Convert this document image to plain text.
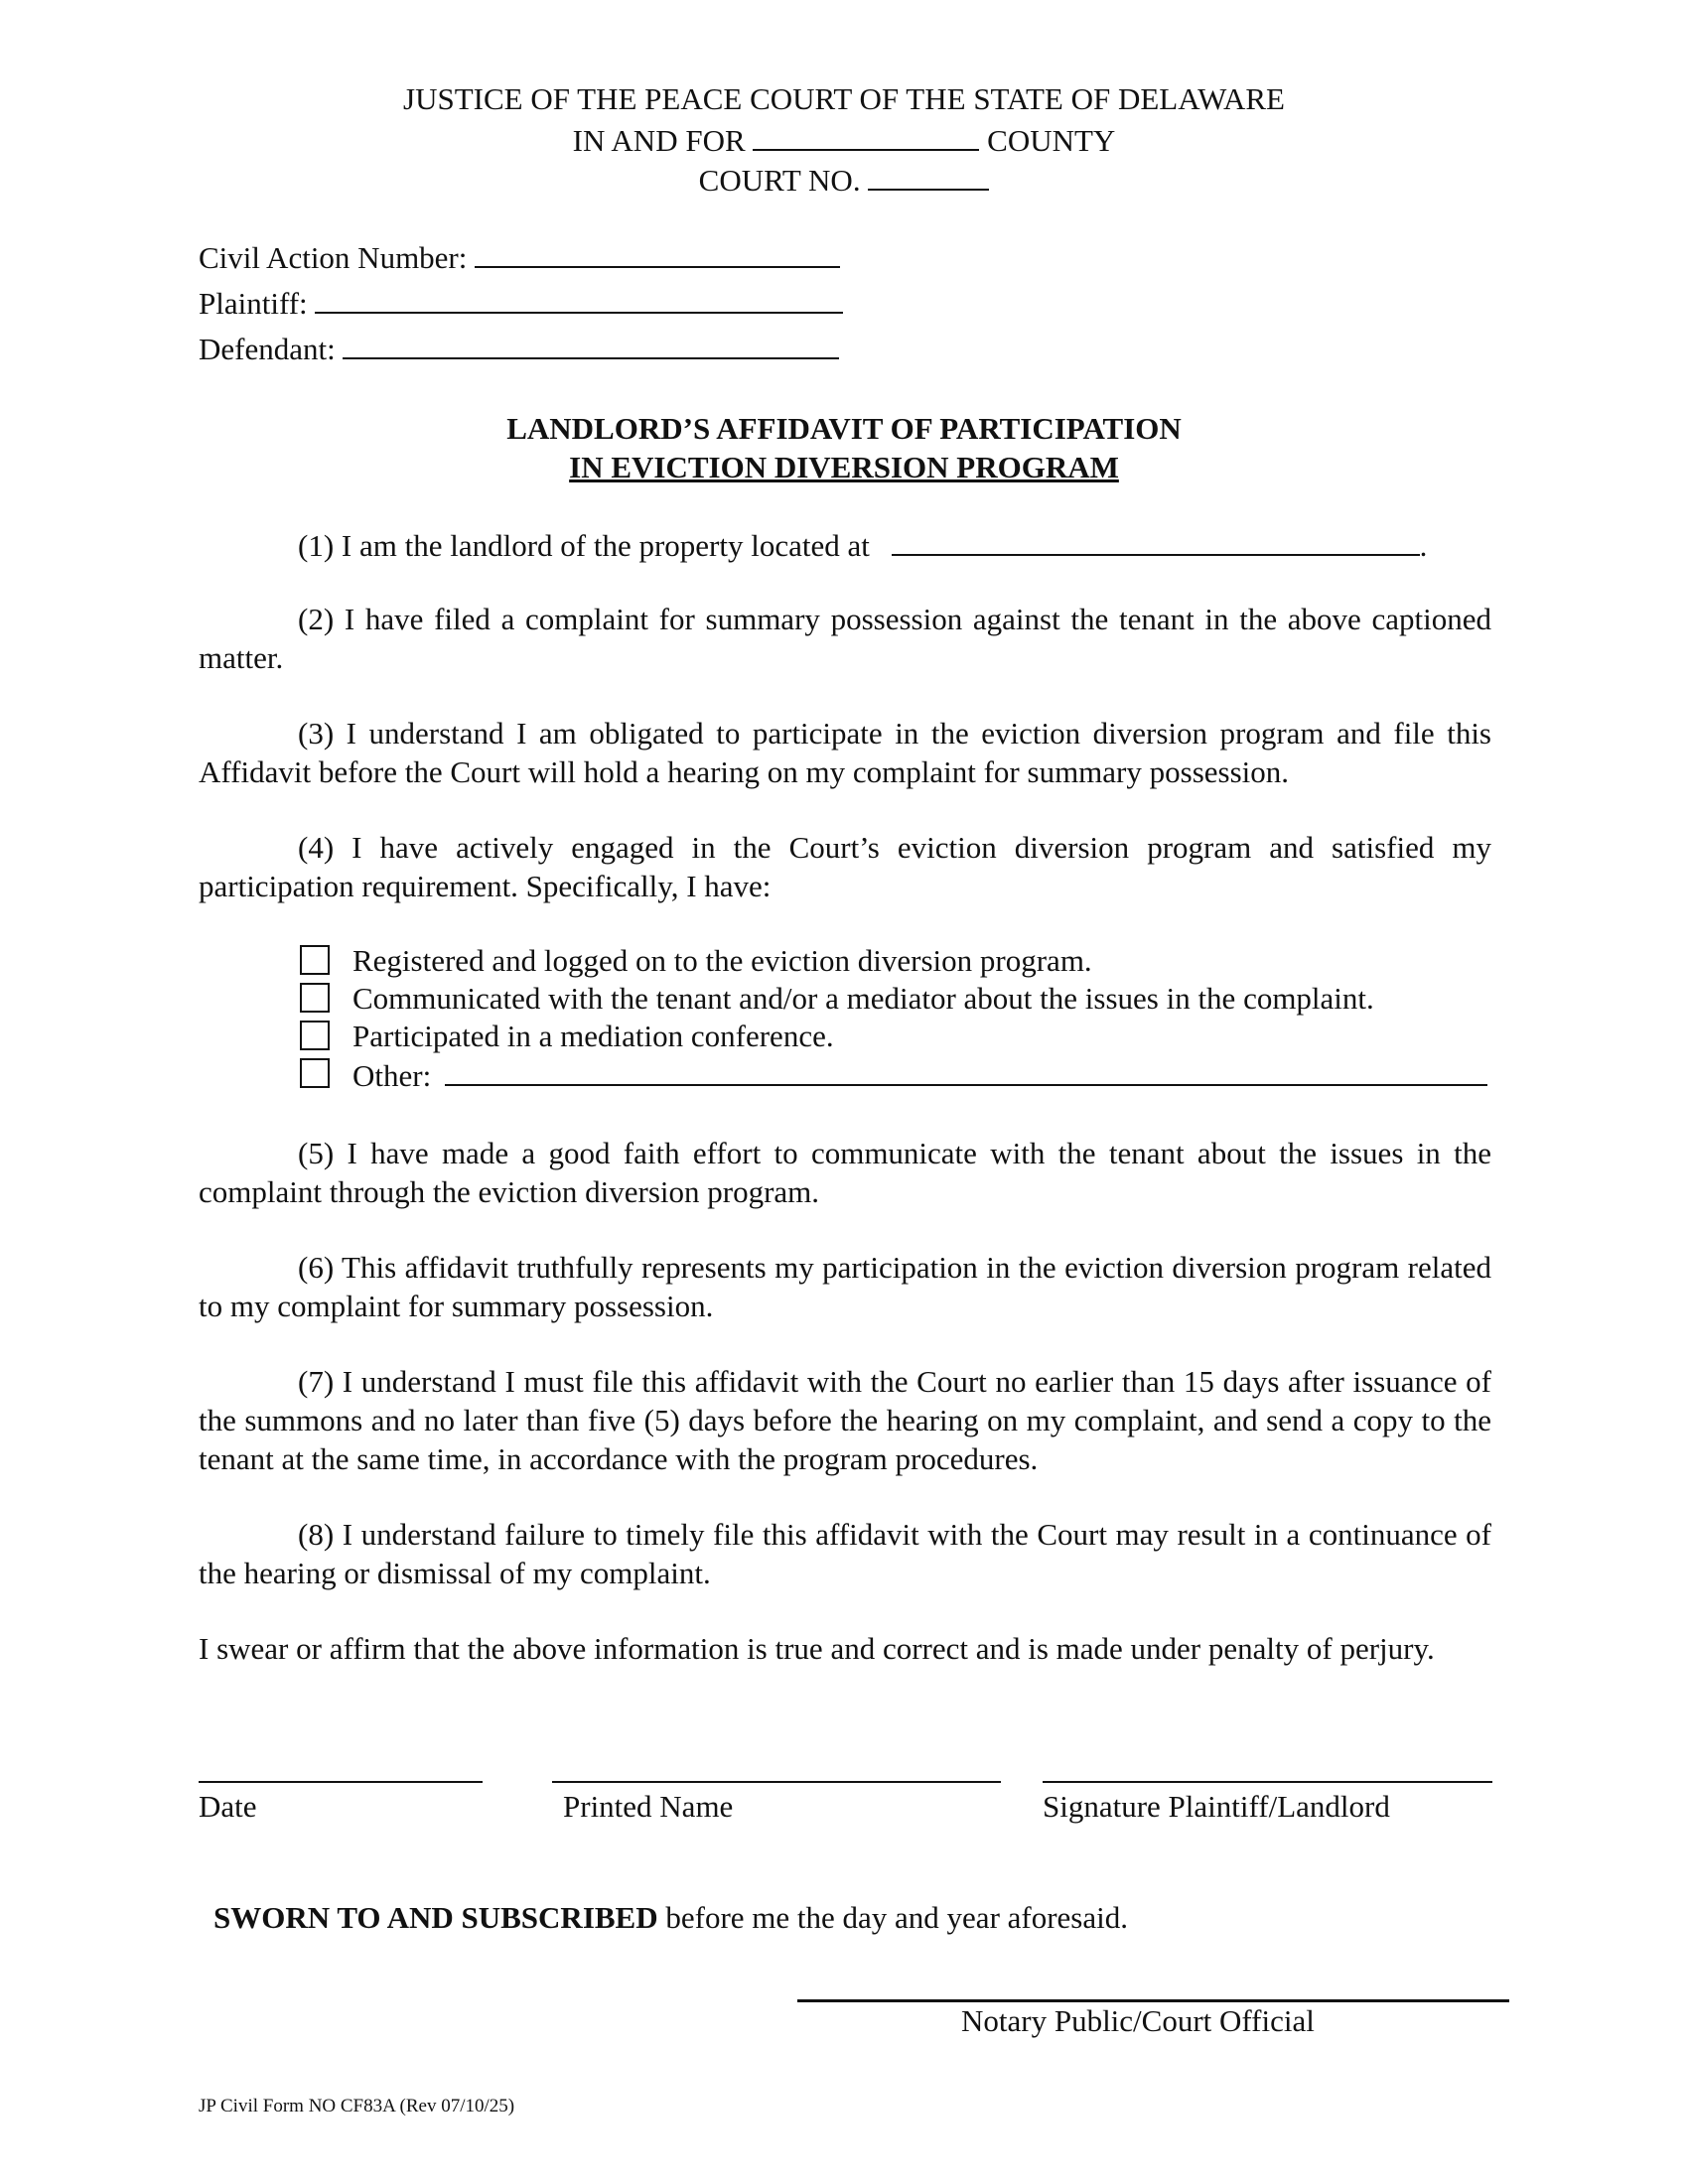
JUSTICE OF THE PEACE COURT OF THE STATE OF DELAWARE
IN AND FOR	COUNTY
COURT NO.
Civil Action Number:
Plaintiff:
Defendant:
LANDLORD’S AFFIDAVIT OF PARTICIPATION
IN EVICTION DIVERSION PROGRAM
(1) I am the landlord of the property located at	.
(2) I have filed a complaint for summary possession against the tenant in the above captioned matter.
(3) I understand I am obligated to participate in the eviction diversion program and file this Affidavit before the Court will hold a hearing on my complaint for summary possession.
(4) I have actively engaged in the Court’s eviction diversion program and satisfied my participation requirement. Specifically, I have:
Registered and logged on to the eviction diversion program.
Communicated with the tenant and/or a mediator about the issues in the complaint.
Participated in a mediation conference.
Other:
(5) I have made a good faith effort to communicate with the tenant about the issues in the complaint through the eviction diversion program.
(6) This affidavit truthfully represents my participation in the eviction diversion program related to my complaint for summary possession.
(7) I understand I must file this affidavit with the Court no earlier than 15 days after issuance of the summons and no later than five (5) days before the hearing on my complaint, and send a copy to the tenant at the same time, in accordance with the program procedures.
(8) I understand failure to timely file this affidavit with the Court may result in a continuance of the hearing or dismissal of my complaint.
I swear or affirm that the above information is true and correct and is made under penalty of perjury.
Date	Printed Name	Signature Plaintiff/Landlord
SWORN TO AND SUBSCRIBED before me the day and year aforesaid.
Notary Public/Court Official
JP Civil Form NO CF83A (Rev 07/10/25)
